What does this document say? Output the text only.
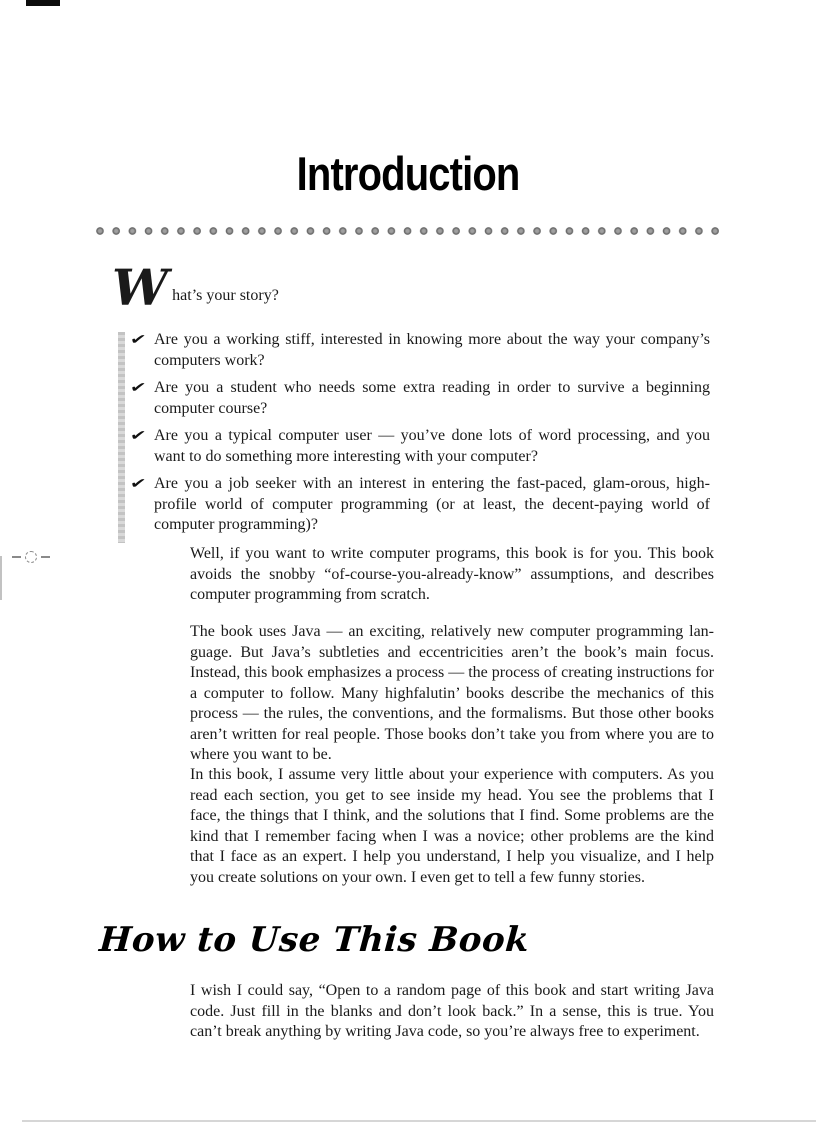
Introduction

W hat’s your story?

✔ Are you a working stiff, interested in knowing more about the way your company’s computers work?
✔ Are you a student who needs some extra reading in order to survive a beginning computer course?
✔ Are you a typical computer user — you’ve done lots of word processing, and you want to do something more interesting with your computer?
✔ Are you a job seeker with an interest in entering the fast-paced, glam-orous, high-profile world of computer programming (or at least, the decent-paying world of computer programming)?

Well, if you want to write computer programs, this book is for you. This book avoids the snobby “of-course-you-already-know” assumptions, and describes computer programming from scratch.

The book uses Java — an exciting, relatively new computer programming lan-guage. But Java’s subtleties and eccentricities aren’t the book’s main focus. Instead, this book emphasizes a process — the process of creating instructions for a computer to follow. Many highfalutin’ books describe the mechanics of this process — the rules, the conventions, and the formalisms. But those other books aren’t written for real people. Those books don’t take you from where you are to where you want to be.

In this book, I assume very little about your experience with computers. As you read each section, you get to see inside my head. You see the problems that I face, the things that I think, and the solutions that I find. Some problems are the kind that I remember facing when I was a novice; other problems are the kind that I face as an expert. I help you understand, I help you visualize, and I help you create solutions on your own. I even get to tell a few funny stories.

How to Use This Book

I wish I could say, “Open to a random page of this book and start writing Java code. Just fill in the blanks and don’t look back.” In a sense, this is true. You can’t break anything by writing Java code, so you’re always free to experiment.
